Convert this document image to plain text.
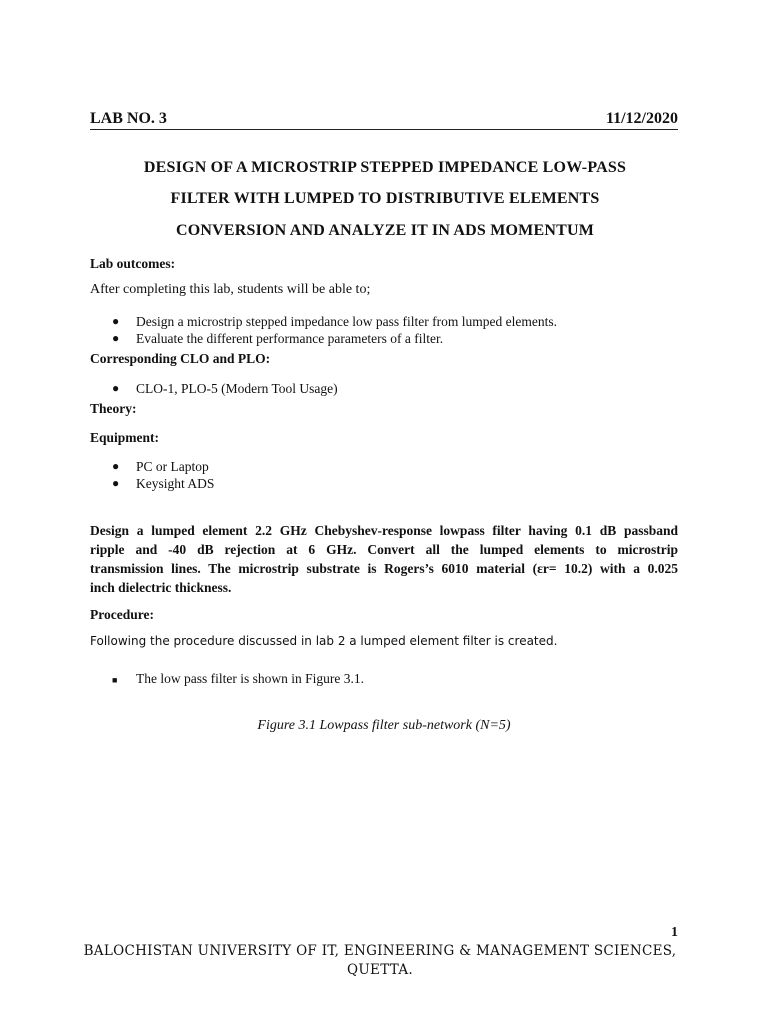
LAB NO. 3	11/12/2020
DESIGN OF A MICROSTRIP STEPPED IMPEDANCE LOW-PASS
FILTER WITH LUMPED TO DISTRIBUTIVE ELEMENTS
CONVERSION AND ANALYZE IT IN ADS MOMENTUM
Lab outcomes:
After completing this lab, students will be able to;
● Design a microstrip stepped impedance low pass filter from lumped elements.
● Evaluate the different performance parameters of a filter.
Corresponding CLO and PLO:
● CLO-1, PLO-5 (Modern Tool Usage)
Theory:
Equipment:
● PC or Laptop
● Keysight ADS
Design a lumped element 2.2 GHz Chebyshev-response lowpass filter having 0.1 dB passband
ripple and -40 dB rejection at 6 GHz. Convert all the lumped elements to microstrip
transmission lines. The microstrip substrate is Rogers’s 6010 material (εr= 10.2) with a 0.025
inch dielectric thickness.
Procedure:
Following the procedure discussed in lab 2 a lumped element filter is created.
■ The low pass filter is shown in Figure 3.1.
Figure 3.1 Lowpass filter sub-network (N=5)
1
BALOCHISTAN UNIVERSITY OF IT, ENGINEERING & MANAGEMENT SCIENCES,
QUETTA.
